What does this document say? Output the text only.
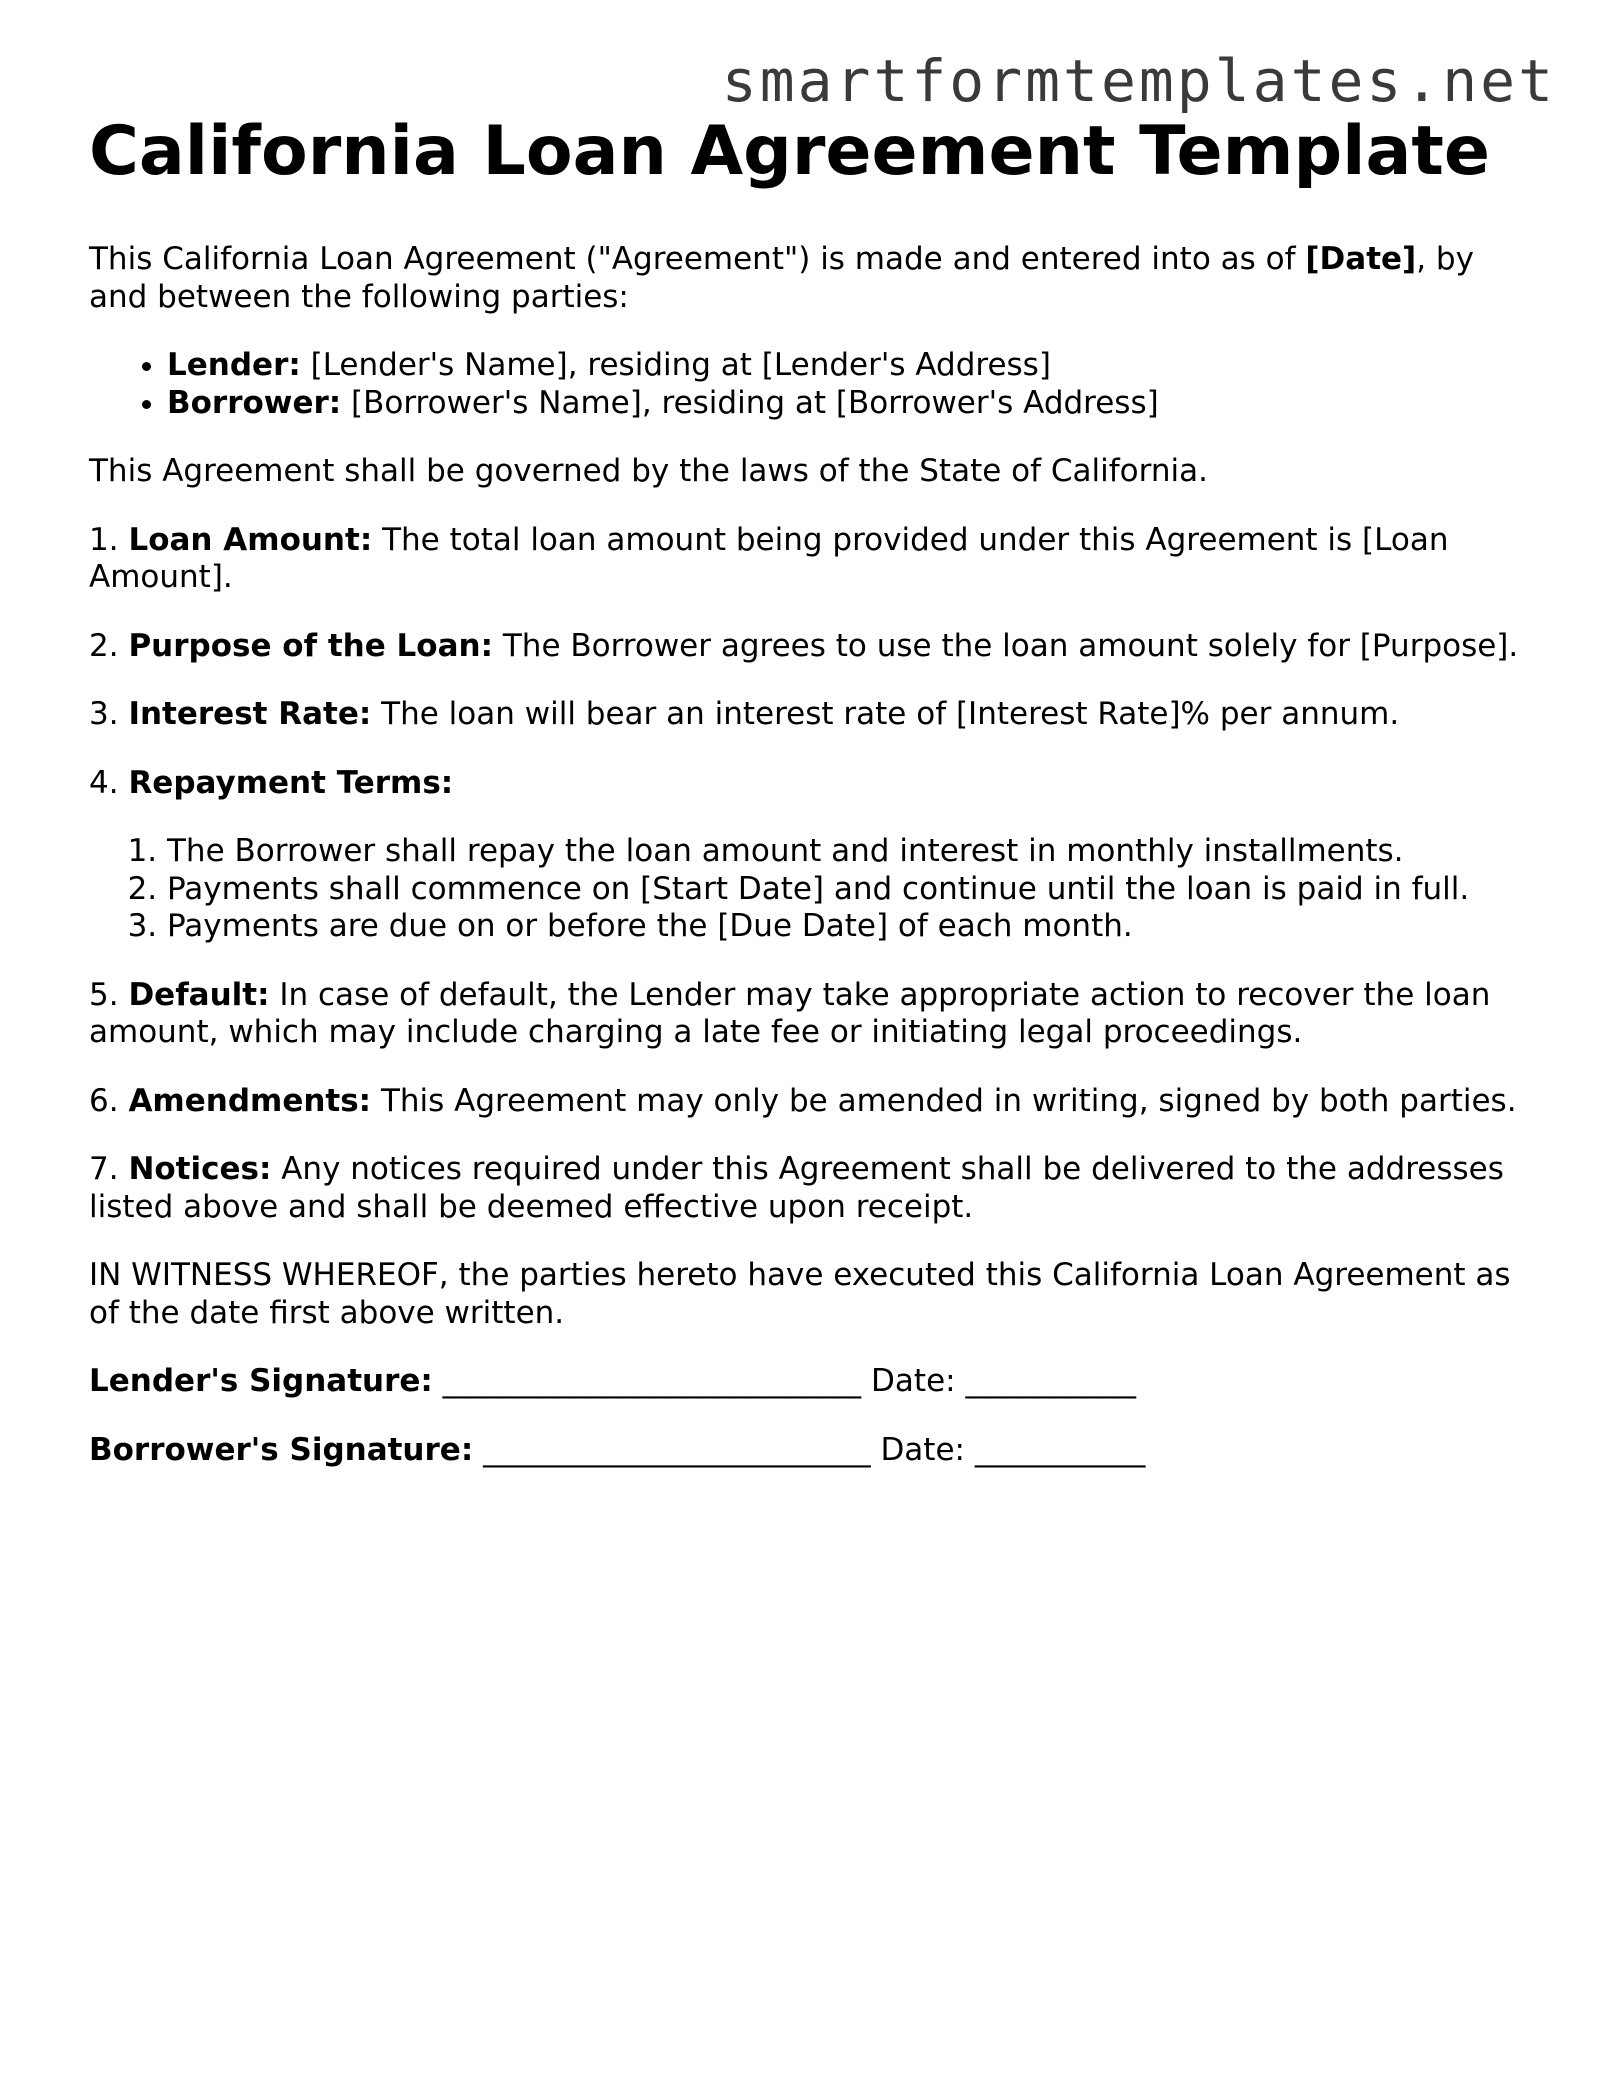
smartformtemplates.net
California Loan Agreement Template

This California Loan Agreement ("Agreement") is made and entered into as of [Date], by and between the following parties:

• Lender: [Lender's Name], residing at [Lender's Address]
• Borrower: [Borrower's Name], residing at [Borrower's Address]

This Agreement shall be governed by the laws of the State of California.

1. Loan Amount: The total loan amount being provided under this Agreement is [Loan Amount].

2. Purpose of the Loan: The Borrower agrees to use the loan amount solely for [Purpose].

3. Interest Rate: The loan will bear an interest rate of [Interest Rate]% per annum.

4. Repayment Terms:

1. The Borrower shall repay the loan amount and interest in monthly installments.
2. Payments shall commence on [Start Date] and continue until the loan is paid in full.
3. Payments are due on or before the [Due Date] of each month.

5. Default: In case of default, the Lender may take appropriate action to recover the loan amount, which may include charging a late fee or initiating legal proceedings.

6. Amendments: This Agreement may only be amended in writing, signed by both parties.

7. Notices: Any notices required under this Agreement shall be delivered to the addresses listed above and shall be deemed effective upon receipt.

IN WITNESS WHEREOF, the parties hereto have executed this California Loan Agreement as of the date first above written.

Lender's Signature: ___________________________ Date: ___________

Borrower's Signature: _________________________ Date: ___________
